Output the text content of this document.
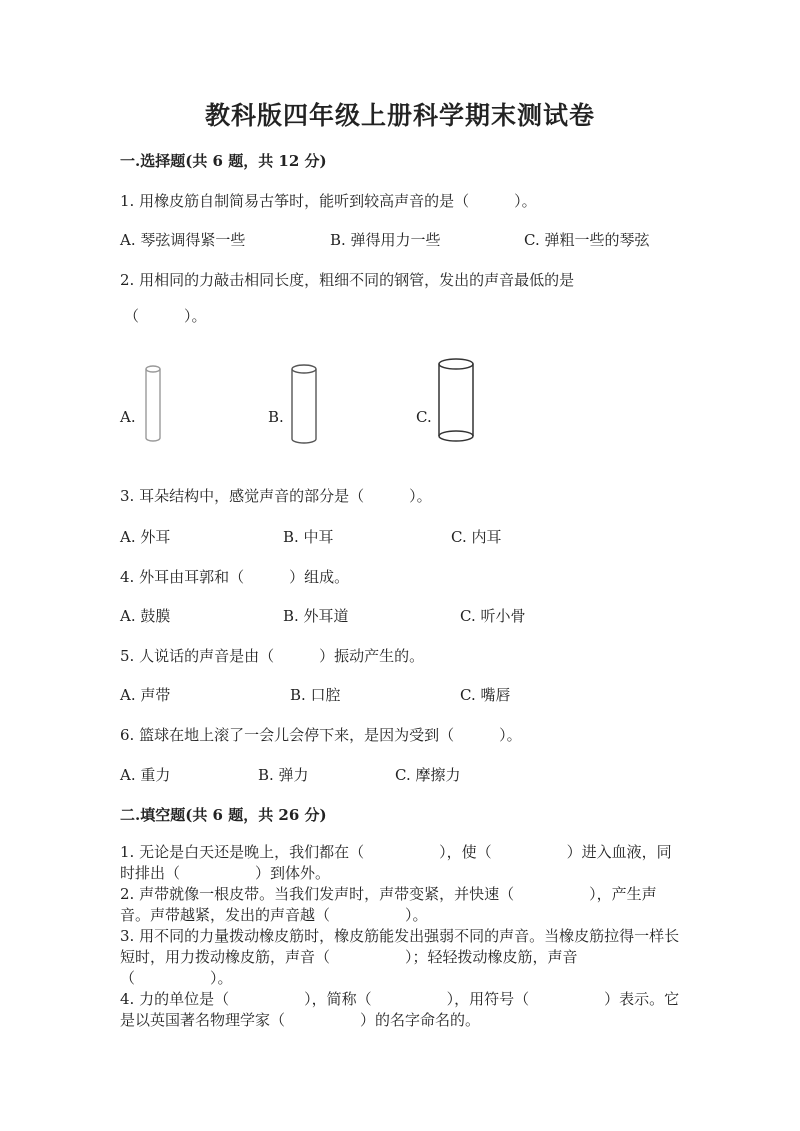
教科版四年级上册科学期末测试卷
一.选择题(共 6 题，共 12 分)
1. 用橡皮筋自制简易古筝时，能听到较高声音的是（　　　）。
A. 琴弦调得紧一些	B. 弹得用力一些	C. 弹粗一些的琴弦
2. 用相同的力敲击相同长度，粗细不同的钢管，发出的声音最低的是
（　　　）。
A.	B.	C.
3. 耳朵结构中，感觉声音的部分是（　　　）。
A. 外耳	B. 中耳	C. 内耳
4. 外耳由耳郭和（　　　）组成。
A. 鼓膜	B. 外耳道	C. 听小骨
5. 人说话的声音是由（　　　）振动产生的。
A. 声带	B. 口腔	C. 嘴唇
6. 篮球在地上滚了一会儿会停下来，是因为受到（　　　）。
A. 重力	B. 弹力	C. 摩擦力
二.填空题(共 6 题，共 26 分)

1. 无论是白天还是晚上，我们都在（　　　　　），使（　　　　　）进入血液，同时排出（　　　　　）到体外。

2. 声带就像一根皮带。当我们发声时，声带变紧，并快速（　　　　　），产生声音。声带越紧，发出的声音越（　　　　　）。

3. 用不同的力量拨动橡皮筋时，橡皮筋能发出强弱不同的声音。当橡皮筋拉得一样长短时，用力拨动橡皮筋，声音（　　　　　）；轻轻拨动橡皮筋，声音（　　　　　）。

4. 力的单位是（　　　　　），简称（　　　　　），用符号（　　　　　）表示。它是以英国著名物理学家（　　　　　）的名字命名的。
